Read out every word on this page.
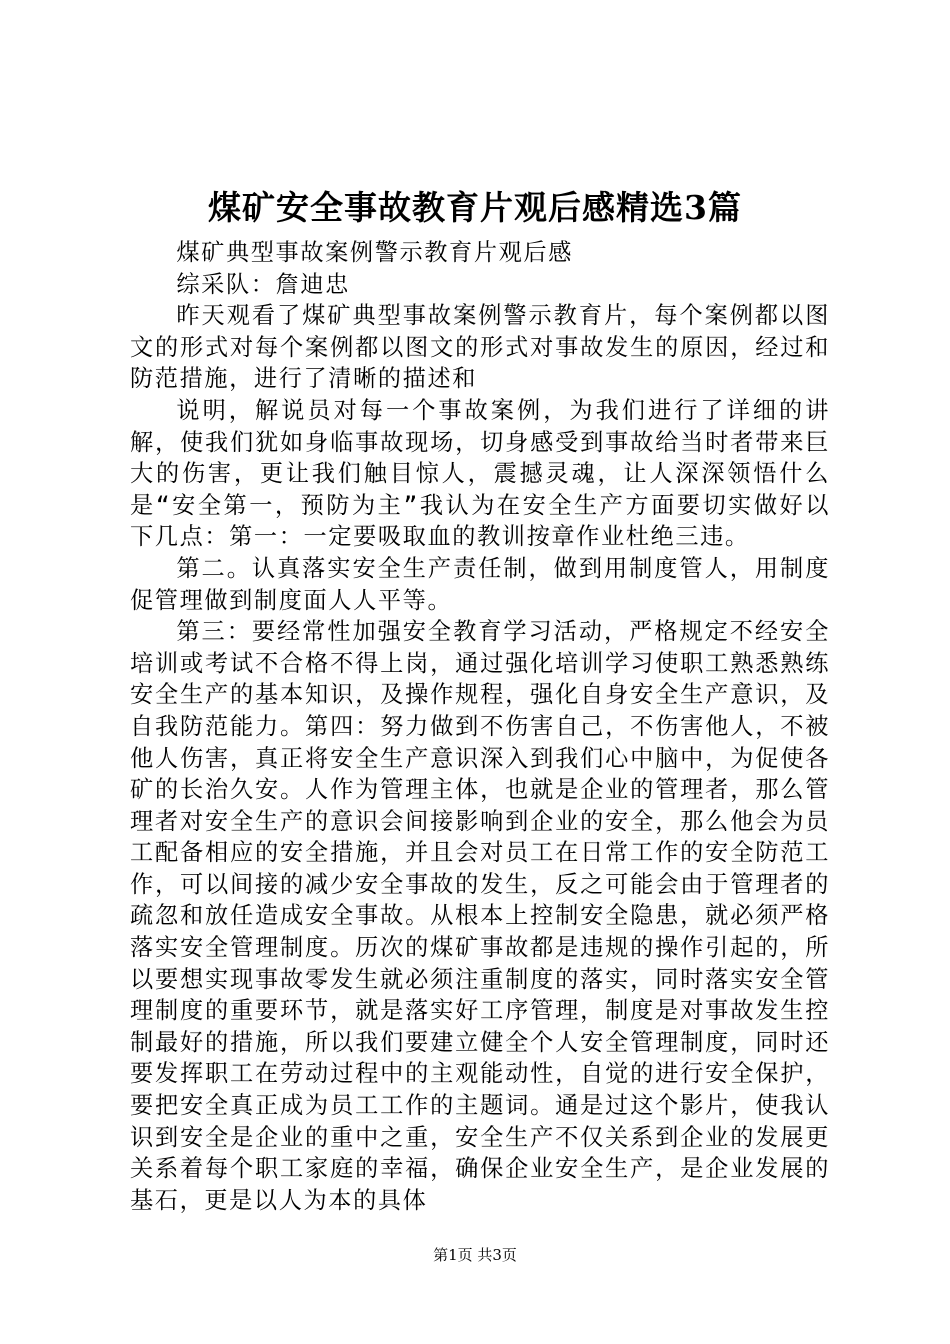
煤矿安全事故教育片观后感精选3篇

煤矿典型事故案例警示教育片观后感

综采队：詹迪忠

昨天观看了煤矿典型事故案例警示教育片，每个案例都以图文的形式对每个案例都以图文的形式对事故发生的原因，经过和防范措施，进行了清晰的描述和

说明，解说员对每一个事故案例，为我们进行了详细的讲解，使我们犹如身临事故现场，切身感受到事故给当时者带来巨大的伤害，更让我们触目惊人，震撼灵魂，让人深深领悟什么是“安全第一，预防为主”我认为在安全生产方面要切实做好以下几点：第一：一定要吸取血的教训按章作业杜绝三违。

第二。认真落实安全生产责任制，做到用制度管人，用制度促管理做到制度面人人平等。

第三：要经常性加强安全教育学习活动，严格规定不经安全培训或考试不合格不得上岗，通过强化培训学习使职工熟悉熟练安全生产的基本知识，及操作规程，强化自身安全生产意识，及自我防范能力。第四：努力做到不伤害自己，不伤害他人，不被他人伤害，真正将安全生产意识深入到我们心中脑中，为促使各矿的长治久安。人作为管理主体，也就是企业的管理者，那么管理者对安全生产的意识会间接影响到企业的安全，那么他会为员工配备相应的安全措施，并且会对员工在日常工作的安全防范工作，可以间接的减少安全事故的发生，反之可能会由于管理者的疏忽和放任造成安全事故。从根本上控制安全隐患，就必须严格落实安全管理制度。历次的煤矿事故都是违规的操作引起的，所以要想实现事故零发生就必须注重制度的落实，同时落实安全管理制度的重要环节，就是落实好工序管理，制度是对事故发生控制最好的措施，所以我们要建立健全个人安全管理制度，同时还要发挥职工在劳动过程中的主观能动性，自觉的进行安全保护，要把安全真正成为员工工作的主题词。通是过这个影片，使我认识到安全是企业的重中之重，安全生产不仅关系到企业的发展更关系着每个职工家庭的幸福，确保企业安全生产，是企业发展的基石，更是以人为本的具体

第1页 共3页
